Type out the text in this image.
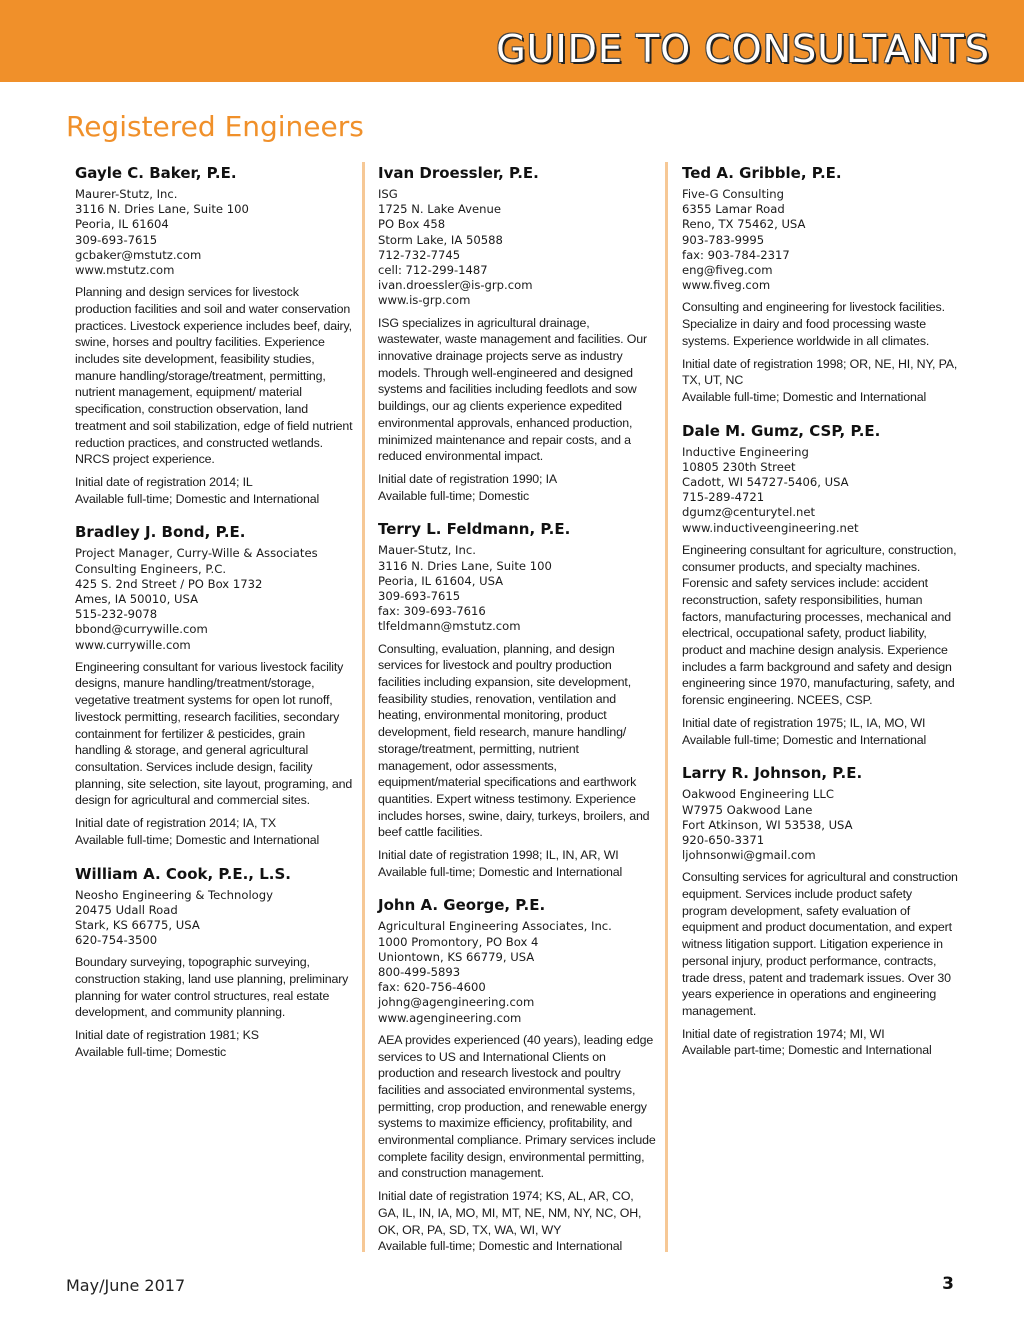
GUIDE TO CONSULTANTS
Registered Engineers
Gayle C. Baker, P.E.
Maurer-Stutz, Inc.
3116 N. Dries Lane, Suite 100
Peoria, IL 61604
309-693-7615
gcbaker@mstutz.com
www.mstutz.com
Planning and design services for livestock production facilities and soil and water conservation practices. Livestock experience includes beef, dairy, swine, horses and poultry facilities. Experience includes site development, feasibility studies, manure handling/storage/treatment, permitting, nutrient management, equipment/ material specification, construction observation, land treatment and soil stabilization, edge of field nutrient reduction practices, and constructed wetlands. NRCS project experience.
Initial date of registration 2014; IL
Available full-time; Domestic and International
Bradley J. Bond, P.E.
Project Manager, Curry-Wille & Associates
Consulting Engineers, P.C.
425 S. 2nd Street / PO Box 1732
Ames, IA 50010, USA
515-232-9078
bbond@currywille.com
www.currywille.com
Engineering consultant for various livestock facility designs, manure handling/treatment/storage, vegetative treatment systems for open lot runoff, livestock permitting, research facilities, secondary containment for fertilizer & pesticides, grain handling & storage, and general agricultural consultation. Services include design, facility planning, site selection, site layout, programing, and design for agricultural and commercial sites.
Initial date of registration 2014; IA, TX
Available full-time; Domestic and International
William A. Cook, P.E., L.S.
Neosho Engineering & Technology
20475 Udall Road
Stark, KS 66775, USA
620-754-3500
Boundary surveying, topographic surveying, construction staking, land use planning, preliminary planning for water control structures, real estate development, and community planning.
Initial date of registration 1981; KS
Available full-time; Domestic
Ivan Droessler, P.E.
ISG
1725 N. Lake Avenue
PO Box 458
Storm Lake, IA 50588
712-732-7745
cell: 712-299-1487
ivan.droessler@is-grp.com
www.is-grp.com
ISG specializes in agricultural drainage, wastewater, waste management and facilities. Our innovative drainage projects serve as industry models. Through well-engineered and designed systems and facilities including feedlots and sow buildings, our ag clients experience expedited environmental approvals, enhanced production, minimized maintenance and repair costs, and a reduced environmental impact.
Initial date of registration 1990; IA
Available full-time; Domestic
Terry L. Feldmann, P.E.
Mauer-Stutz, Inc.
3116 N. Dries Lane, Suite 100
Peoria, IL 61604, USA
309-693-7615
fax: 309-693-7616
tlfeldmann@mstutz.com
Consulting, evaluation, planning, and design services for livestock and poultry production facilities including expansion, site development, feasibility studies, renovation, ventilation and heating, environmental monitoring, product development, field research, manure handling/ storage/treatment, permitting, nutrient management, odor assessments, equipment/material specifications and earthwork quantities. Expert witness testimony. Experience includes horses, swine, dairy, turkeys, broilers, and beef cattle facilities.
Initial date of registration 1998; IL, IN, AR, WI
Available full-time; Domestic and International
John A. George, P.E.
Agricultural Engineering Associates, Inc.
1000 Promontory, PO Box 4
Uniontown, KS 66779, USA
800-499-5893
fax: 620-756-4600
johng@agengineering.com
www.agengineering.com
AEA provides experienced (40 years), leading edge services to US and International Clients on production and research livestock and poultry facilities and associated environmental systems, permitting, crop production, and renewable energy systems to maximize efficiency, profitability, and environmental compliance. Primary services include complete facility design, environmental permitting, and construction management.
Initial date of registration 1974; KS, AL, AR, CO, GA, IL, IN, IA, MO, MI, MT, NE, NM, NY, NC, OH, OK, OR, PA, SD, TX, WA, WI, WY
Available full-time; Domestic and International
Ted A. Gribble, P.E.
Five-G Consulting
6355 Lamar Road
Reno, TX 75462, USA
903-783-9995
fax: 903-784-2317
eng@fiveg.com
www.fiveg.com
Consulting and engineering for livestock facilities. Specialize in dairy and food processing waste systems. Experience worldwide in all climates.
Initial date of registration 1998; OR, NE, HI, NY, PA, TX, UT, NC
Available full-time; Domestic and International
Dale M. Gumz, CSP, P.E.
Inductive Engineering
10805 230th Street
Cadott, WI 54727-5406, USA
715-289-4721
dgumz@centurytel.net
www.inductiveengineering.net
Engineering consultant for agriculture, construction, consumer products, and specialty machines. Forensic and safety services include: accident reconstruction, safety responsibilities, human factors, manufacturing processes, mechanical and electrical, occupational safety, product liability, product and machine design analysis. Experience includes a farm background and safety and design engineering since 1970, manufacturing, safety, and forensic engineering. NCEES, CSP.
Initial date of registration 1975; IL, IA, MO, WI
Available full-time; Domestic and International
Larry R. Johnson, P.E.
Oakwood Engineering LLC
W7975 Oakwood Lane
Fort Atkinson, WI 53538, USA
920-650-3371
ljohnsonwi@gmail.com
Consulting services for agricultural and construction equipment. Services include product safety program development, safety evaluation of equipment and product documentation, and expert witness litigation support. Litigation experience in personal injury, product performance, contracts, trade dress, patent and trademark issues. Over 30 years experience in operations and engineering management.
Initial date of registration 1974; MI, WI
Available part-time; Domestic and International
May/June 2017	3
